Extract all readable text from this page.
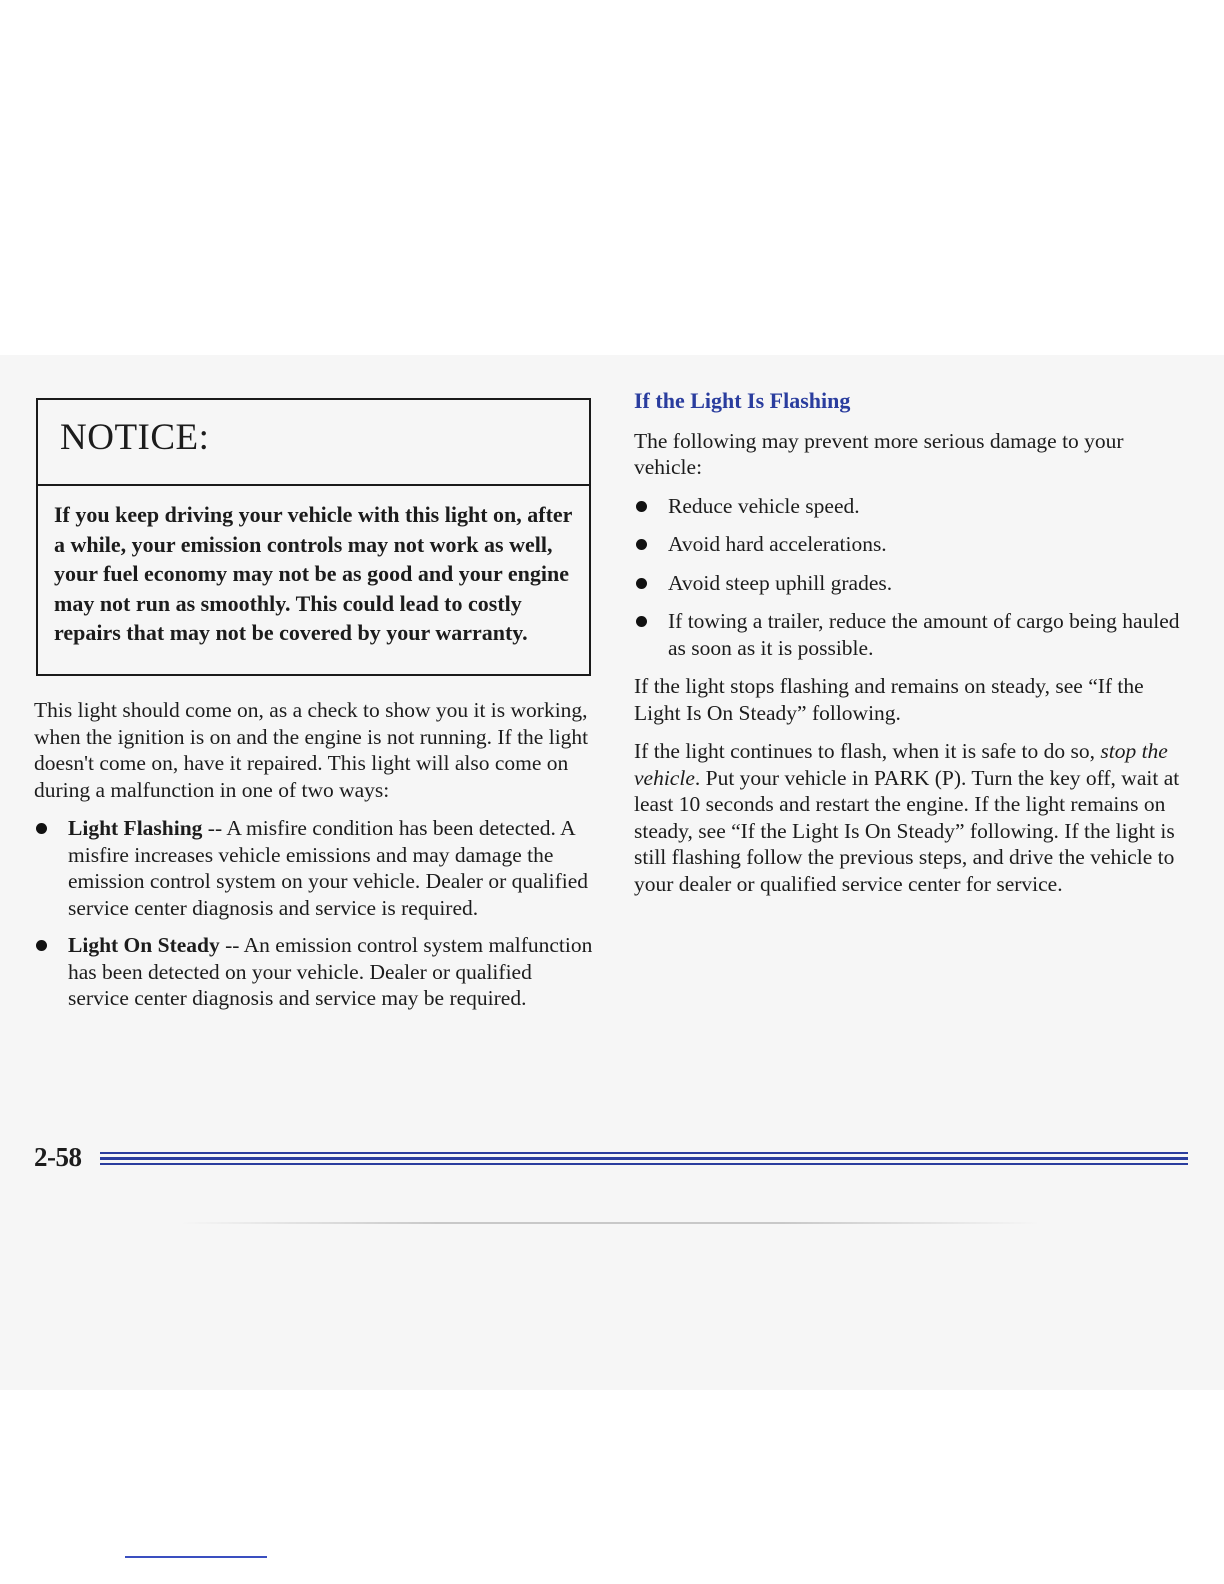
NOTICE:

If you keep driving your vehicle with this light on, after a while, your emission controls may not work as well, your fuel economy may not be as good and your engine may not run as smoothly. This could lead to costly repairs that may not be covered by your warranty.

This light should come on, as a check to show you it is working, when the ignition is on and the engine is not running. If the light doesn't come on, have it repaired. This light will also come on during a malfunction in one of two ways:

Light Flashing -- A misfire condition has been detected. A misfire increases vehicle emissions and may damage the emission control system on your vehicle. Dealer or qualified service center diagnosis and service is required.
Light On Steady -- An emission control system malfunction has been detected on your vehicle. Dealer or qualified service center diagnosis and service may be required.
If the Light Is Flashing

The following may prevent more serious damage to your vehicle:

Reduce vehicle speed.
Avoid hard accelerations.
Avoid steep uphill grades.
If towing a trailer, reduce the amount of cargo being hauled as soon as it is possible.

If the light stops flashing and remains on steady, see “If the Light Is On Steady” following.

If the light continues to flash, when it is safe to do so, stop the vehicle. Put your vehicle in PARK (P). Turn the key off, wait at least 10 seconds and restart the engine. If the light remains on steady, see “If the Light Is On Steady” following. If the light is still flashing follow the previous steps, and drive the vehicle to your dealer or qualified service center for service.

2-58
